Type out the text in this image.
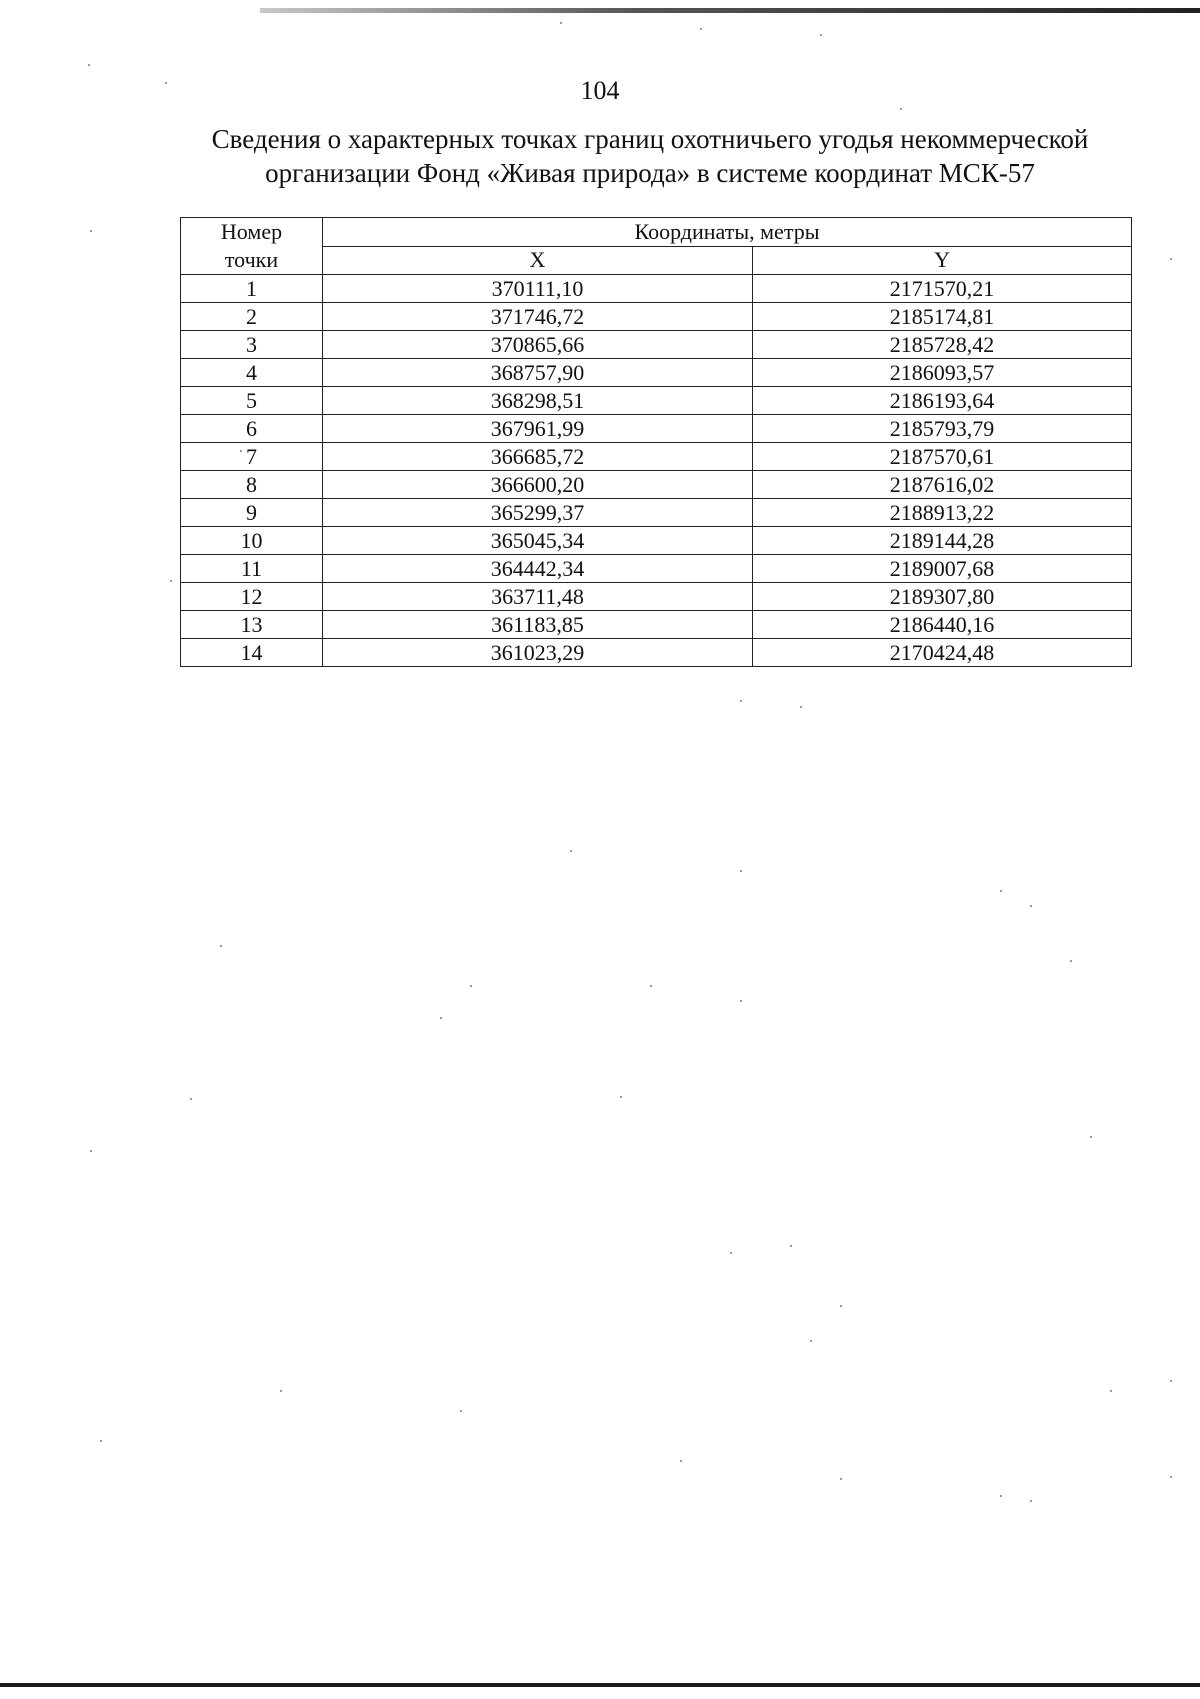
104
Сведения о характерных точках границ охотничьего угодья некоммерческой
организации Фонд «Живая природа» в системе координат МСК-57
Номер
точки	Координаты, метры	
	X	Y
1	370111,10	2171570,21
2	371746,72	2185174,81
3	370865,66	2185728,42
4	368757,90	2186093,57
5	368298,51	2186193,64
6	367961,99	2185793,79
7	366685,72	2187570,61
8	366600,20	2187616,02
9	365299,37	2188913,22
10	365045,34	2189144,28
11	364442,34	2189007,68
12	363711,48	2189307,80
13	361183,85	2186440,16
14	361023,29	2170424,48
